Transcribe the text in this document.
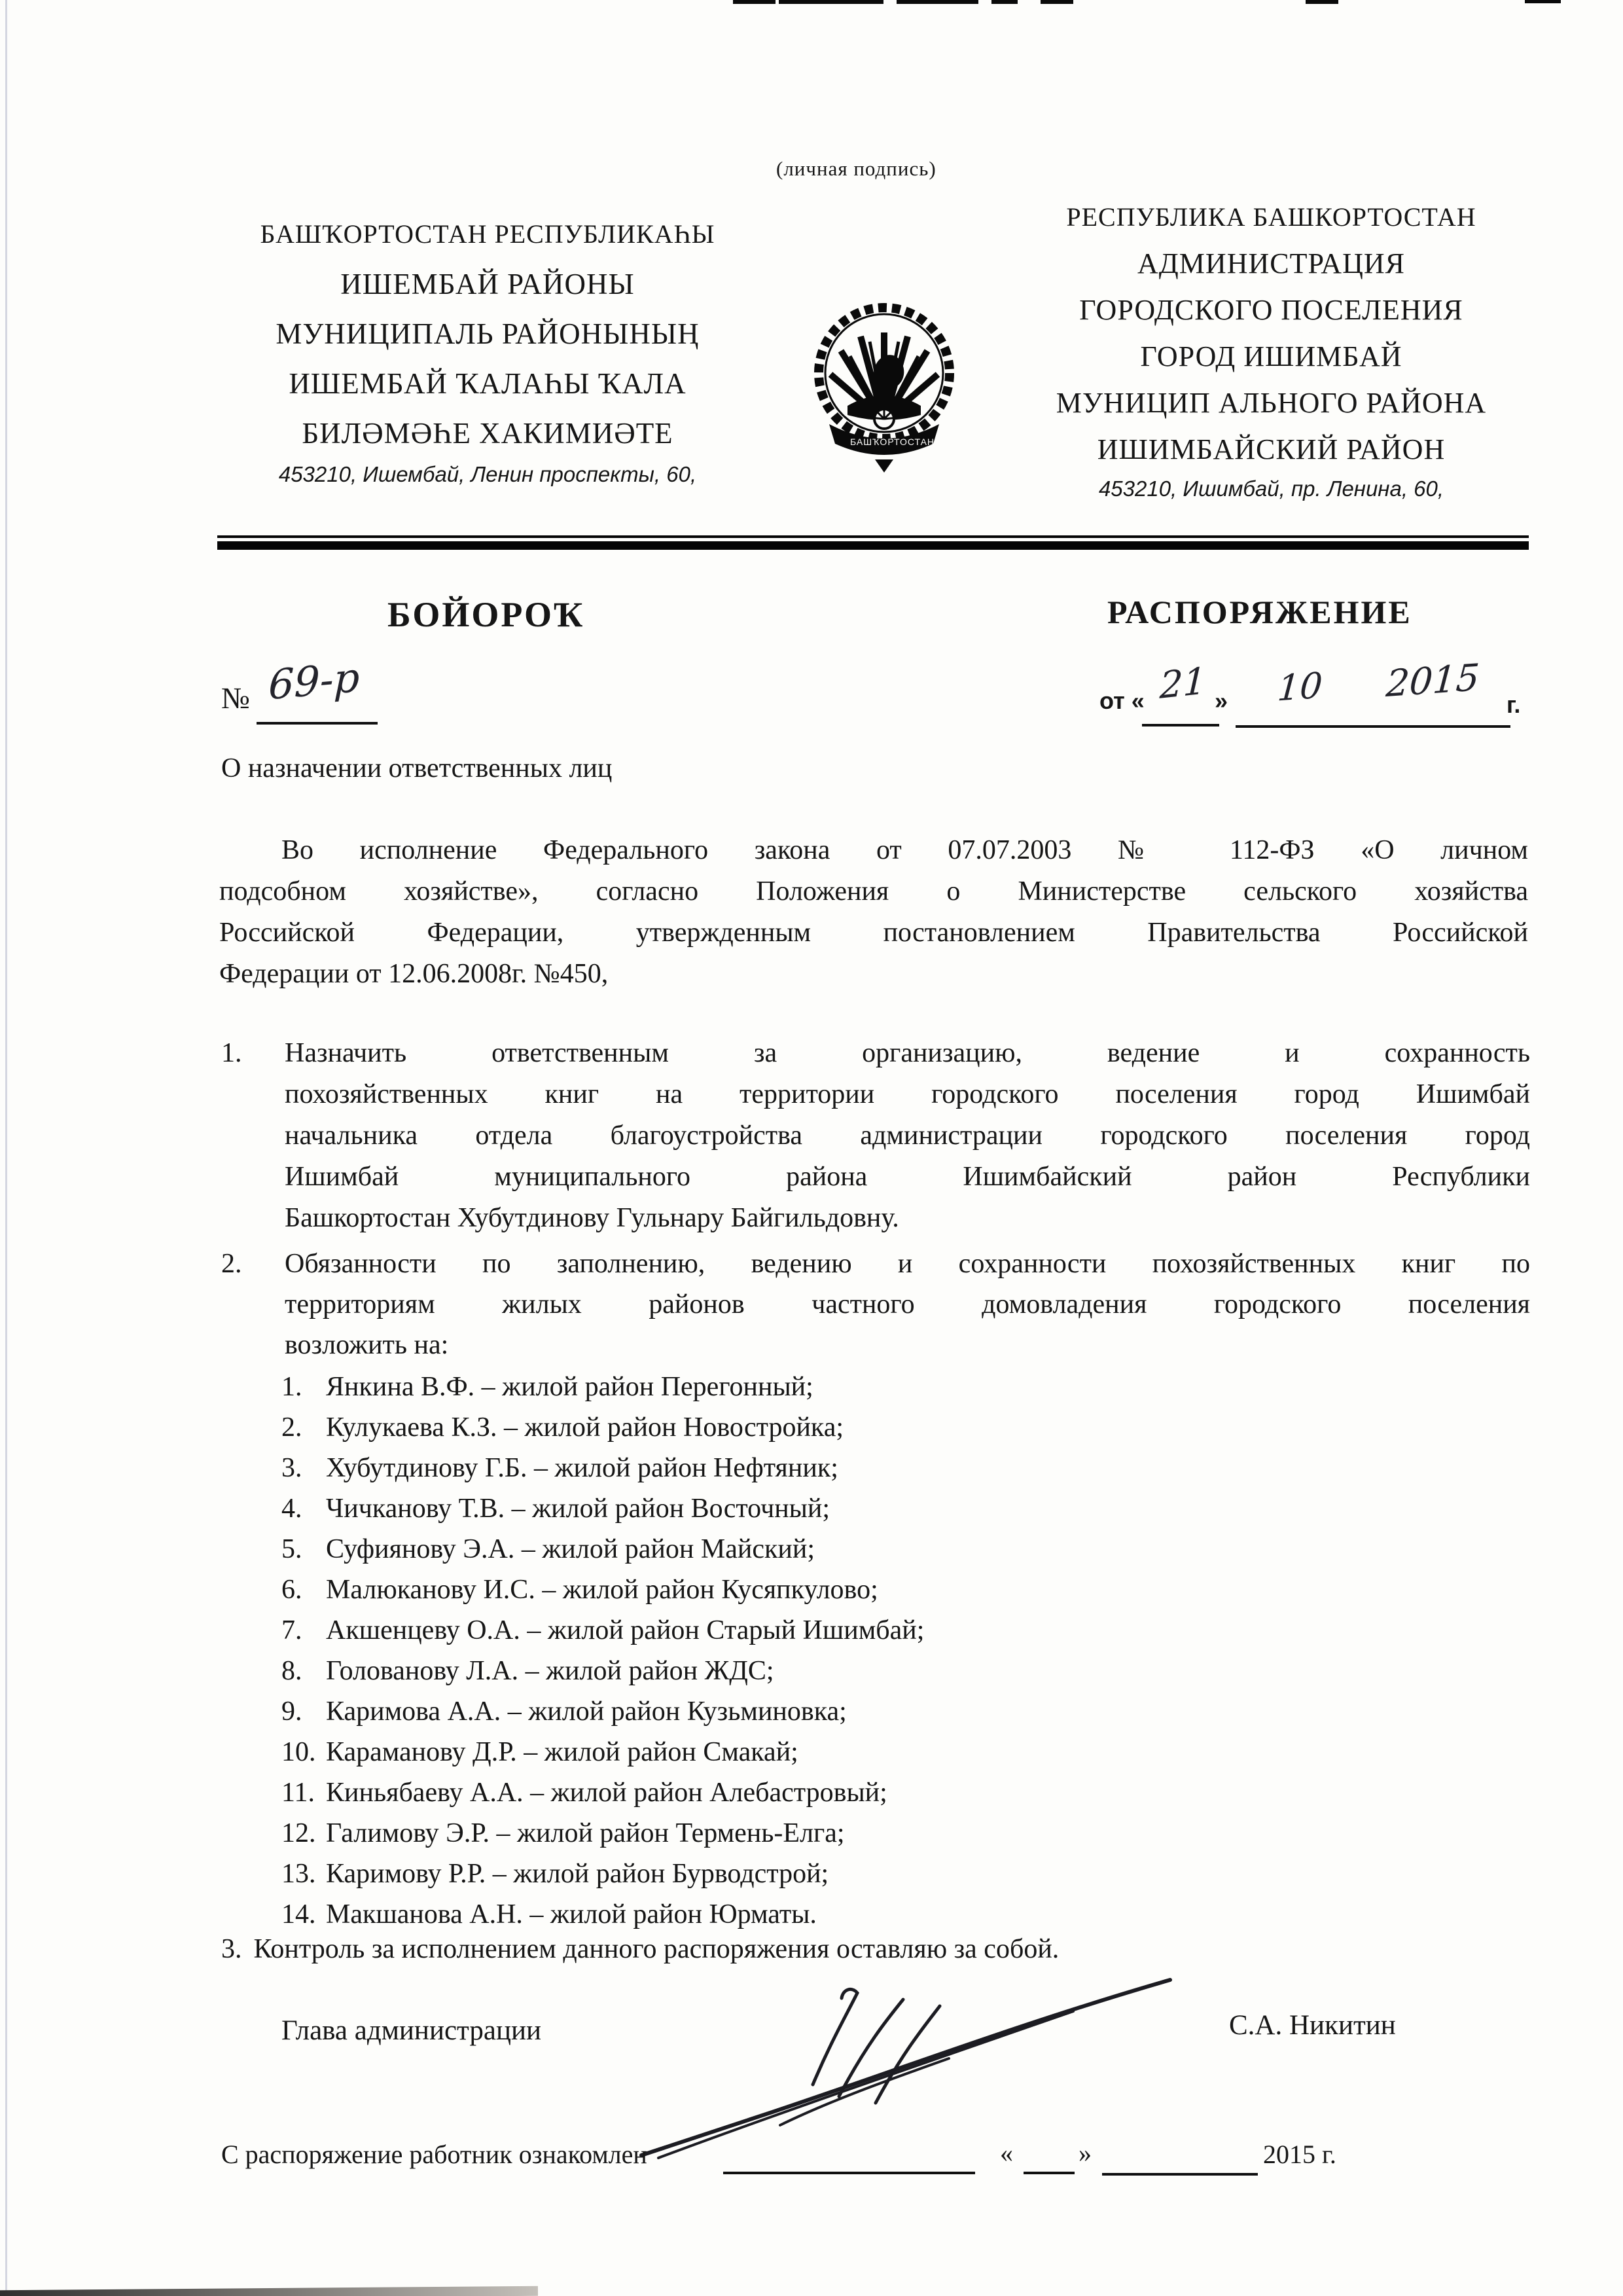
(личная подпись)
БАШҠОРТОСТАН РЕСПУБЛИКАҺЫ
ИШЕМБАЙ РАЙОНЫ
МУНИЦИПАЛЬ РАЙОНЫНЫҢ
ИШЕМБАЙ ҠАЛАҺЫ ҠАЛА
БИЛӘМӘҺЕ ХАКИМИӘТЕ
453210, Ишембай, Ленин проспекты, 60,
РЕСПУБЛИКА БАШКОРТОСТАН
АДМИНИСТРАЦИЯ
ГОРОДСКОГО ПОСЕЛЕНИЯ
ГОРОД ИШИМБАЙ
МУНИЦИП АЛЬНОГО РАЙОНА
ИШИМБАЙСКИЙ РАЙОН
453210, Ишимбай, пр. Ленина, 60,
БАШҠОРТОСТАН
БОЙОРОҠ	РАСПОРЯЖЕНИЕ
№ 69-р	от « 21 » 10 2015 г.
О назначении ответственных лиц
Во исполнение Федерального закона от 07.07.2003 № 112-ФЗ «О личном
подсобном хозяйстве», согласно Положения о Министерстве сельского хозяйства
Российской Федерации, утвержденным постановлением Правительства Российской
Федерации от 12.06.2008г. №450,
1.	Назначить ответственным за организацию, ведение и сохранность
похозяйственных книг на территории городского поселения город Ишимбай
начальника отдела благоустройства администрации городского поселения город
Ишимбай муниципального района Ишимбайский район Республики
Башкортостан Хубутдинову Гульнару Байгильдовну.
2.	Обязанности по заполнению, ведению и сохранности похозяйственных книг по
территориям жилых районов частного домовладения городского поселения
возложить на:
1. Янкина В.Ф. – жилой район Перегонный;
2. Кулукаева К.З. – жилой район Новостройка;
3. Хубутдинову Г.Б. – жилой район Нефтяник;
4. Чичканову Т.В. – жилой район Восточный;
5. Суфиянову Э.А. – жилой район Майский;
6. Малюканову И.С. – жилой район Кусяпкулово;
7. Акшенцеву О.А. – жилой район Старый Ишимбай;
8. Голованову Л.А. – жилой район ЖДС;
9. Каримова А.А. – жилой район Кузьминовка;
10. Караманову Д.Р. – жилой район Смакай;
11. Киньябаеву А.А. – жилой район Алебастровый;
12. Галимову Э.Р. – жилой район Термень-Елга;
13. Каримову Р.Р. – жилой район Бурводстрой;
14. Макшанова А.Н. – жилой район Юрматы.
3. Контроль за исполнением данного распоряжения оставляю за собой.
Глава администрации	С.А. Никитин
С распоряжение работник ознакомлен	«	»	2015 г.
